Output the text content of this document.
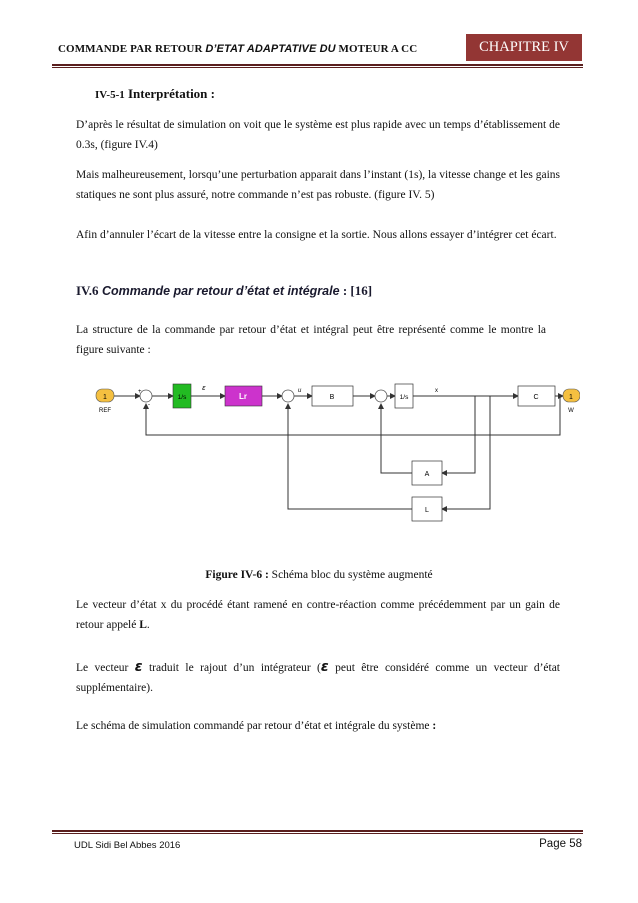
COMMANDE PAR RETOUR D’ETAT ADAPTATIVE DU MOTEUR A CC	CHAPITRE IV
IV-5-1 Interprétation :
D’après le résultat de simulation on voit que le système est plus rapide avec un temps d’établissement de 0.3s, (figure IV.4)
Mais malheureusement, lorsqu’une perturbation apparait dans l’instant (1s), la vitesse change et les gains statiques ne sont plus assuré, notre commande n’est pas robuste. (figure IV. 5)
Afin d’annuler l’écart de la vitesse entre la consigne et la sortie. Nous allons essayer d’intégrer cet écart.
IV.6 Commande par retour d’état et intégrale : [16]
La structure de la commande par retour d’état et intégral peut être représenté comme le montre la figure suivante :
1
REF
+
-
1/s
ε
Lr
u
B	1/s
x
C	1
W
A
L
Figure IV-6 : Schéma bloc du système augmenté
Le vecteur d’état x du procédé étant ramené en contre-réaction comme précédemment par un gain de retour appelé L.
Le vecteur ε traduit le rajout d’un intégrateur (ε peut être considéré comme un vecteur d’état supplémentaire).
Le schéma de simulation commandé par retour d’état et intégrale du système :
UDL Sidi Bel Abbes 2016	Page 58
